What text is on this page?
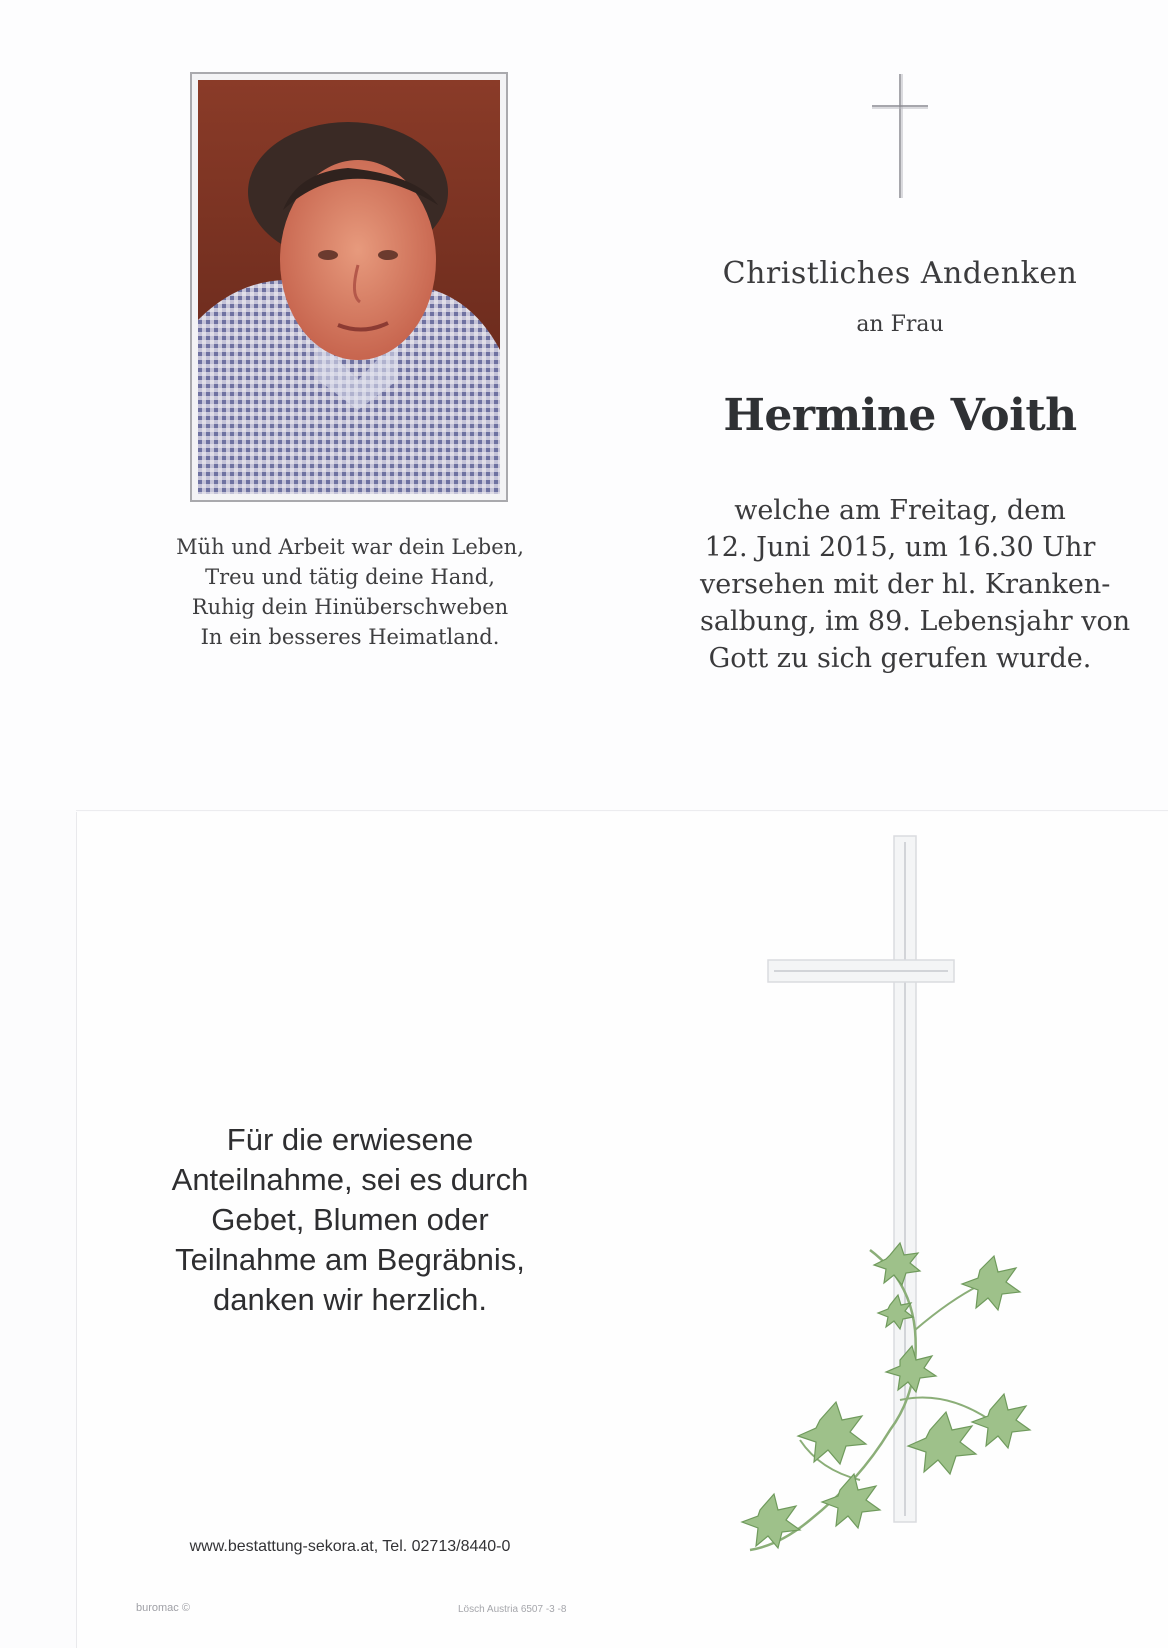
Müh und Arbeit war dein Leben,
Treu und tätig deine Hand,
Ruhig dein Hinüberschweben
In ein besseres Heimatland.
Christliches Andenken
an Frau
Hermine Voith
welche am Freitag, dem
12. Juni 2015, um 16.30 Uhr
versehen mit der hl. Kranken-
salbung, im 89. Lebensjahr von
Gott zu sich gerufen wurde.
Für die erwiesene
Anteilnahme, sei es durch
Gebet, Blumen oder
Teilnahme am Begräbnis,
danken wir herzlich.
www.bestattung-sekora.at, Tel. 02713/8440-0
buromac ©	Lösch Austria 6507 -3 -8
